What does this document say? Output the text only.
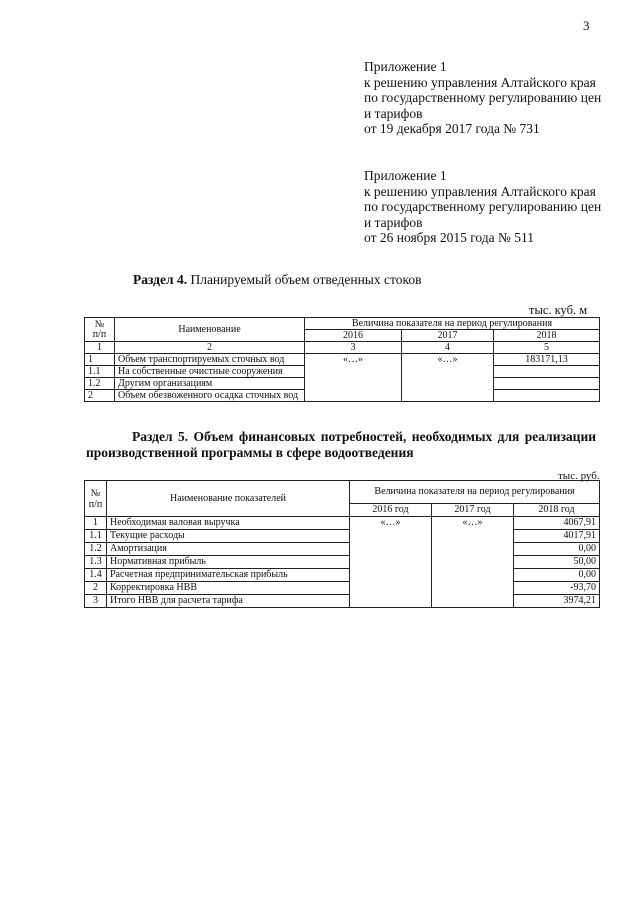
3
Приложение 1
к решению управления Алтайского края
по государственному регулированию цен
и тарифов
от 19 декабря 2017 года № 731
Приложение 1
к решению управления Алтайского края
по государственному регулированию цен
и тарифов
от 26 ноября 2015 года № 511
Раздел 4. Планируемый объем отведенных стоков
тыс. куб. м
№
п/п	Наименование	Величина показателя на период регулирования		
		2016	2017	2018
1	2	3	4	5
1	Объем транспортируемых сточных вод	«…»	«…»	183171,13
1.1	На собственные очистные сооружения			
1.2	Другим организациям			
2	Объем обезвоженного осадка сточных вод			
Раздел 5. Объем финансовых потребностей, необходимых для реализации производственной программы в сфере водоотведения
тыс. руб.
№
п/п	Наименование показателей	Величина показателя на период регулирования		
		2016 год	2017 год	2018 год
1	Необходимая валовая выручка	«…»	«…»	4067,91
1.1	Текущие расходы			4017,91
1.2	Амортизация			0,00
1.3	Нормативная прибыль			50,00
1.4	Расчетная предпринимательская прибыль			0,00
2	Корректировка НВВ			-93,70
3	Итого НВВ для расчета тарифа			3974,21
